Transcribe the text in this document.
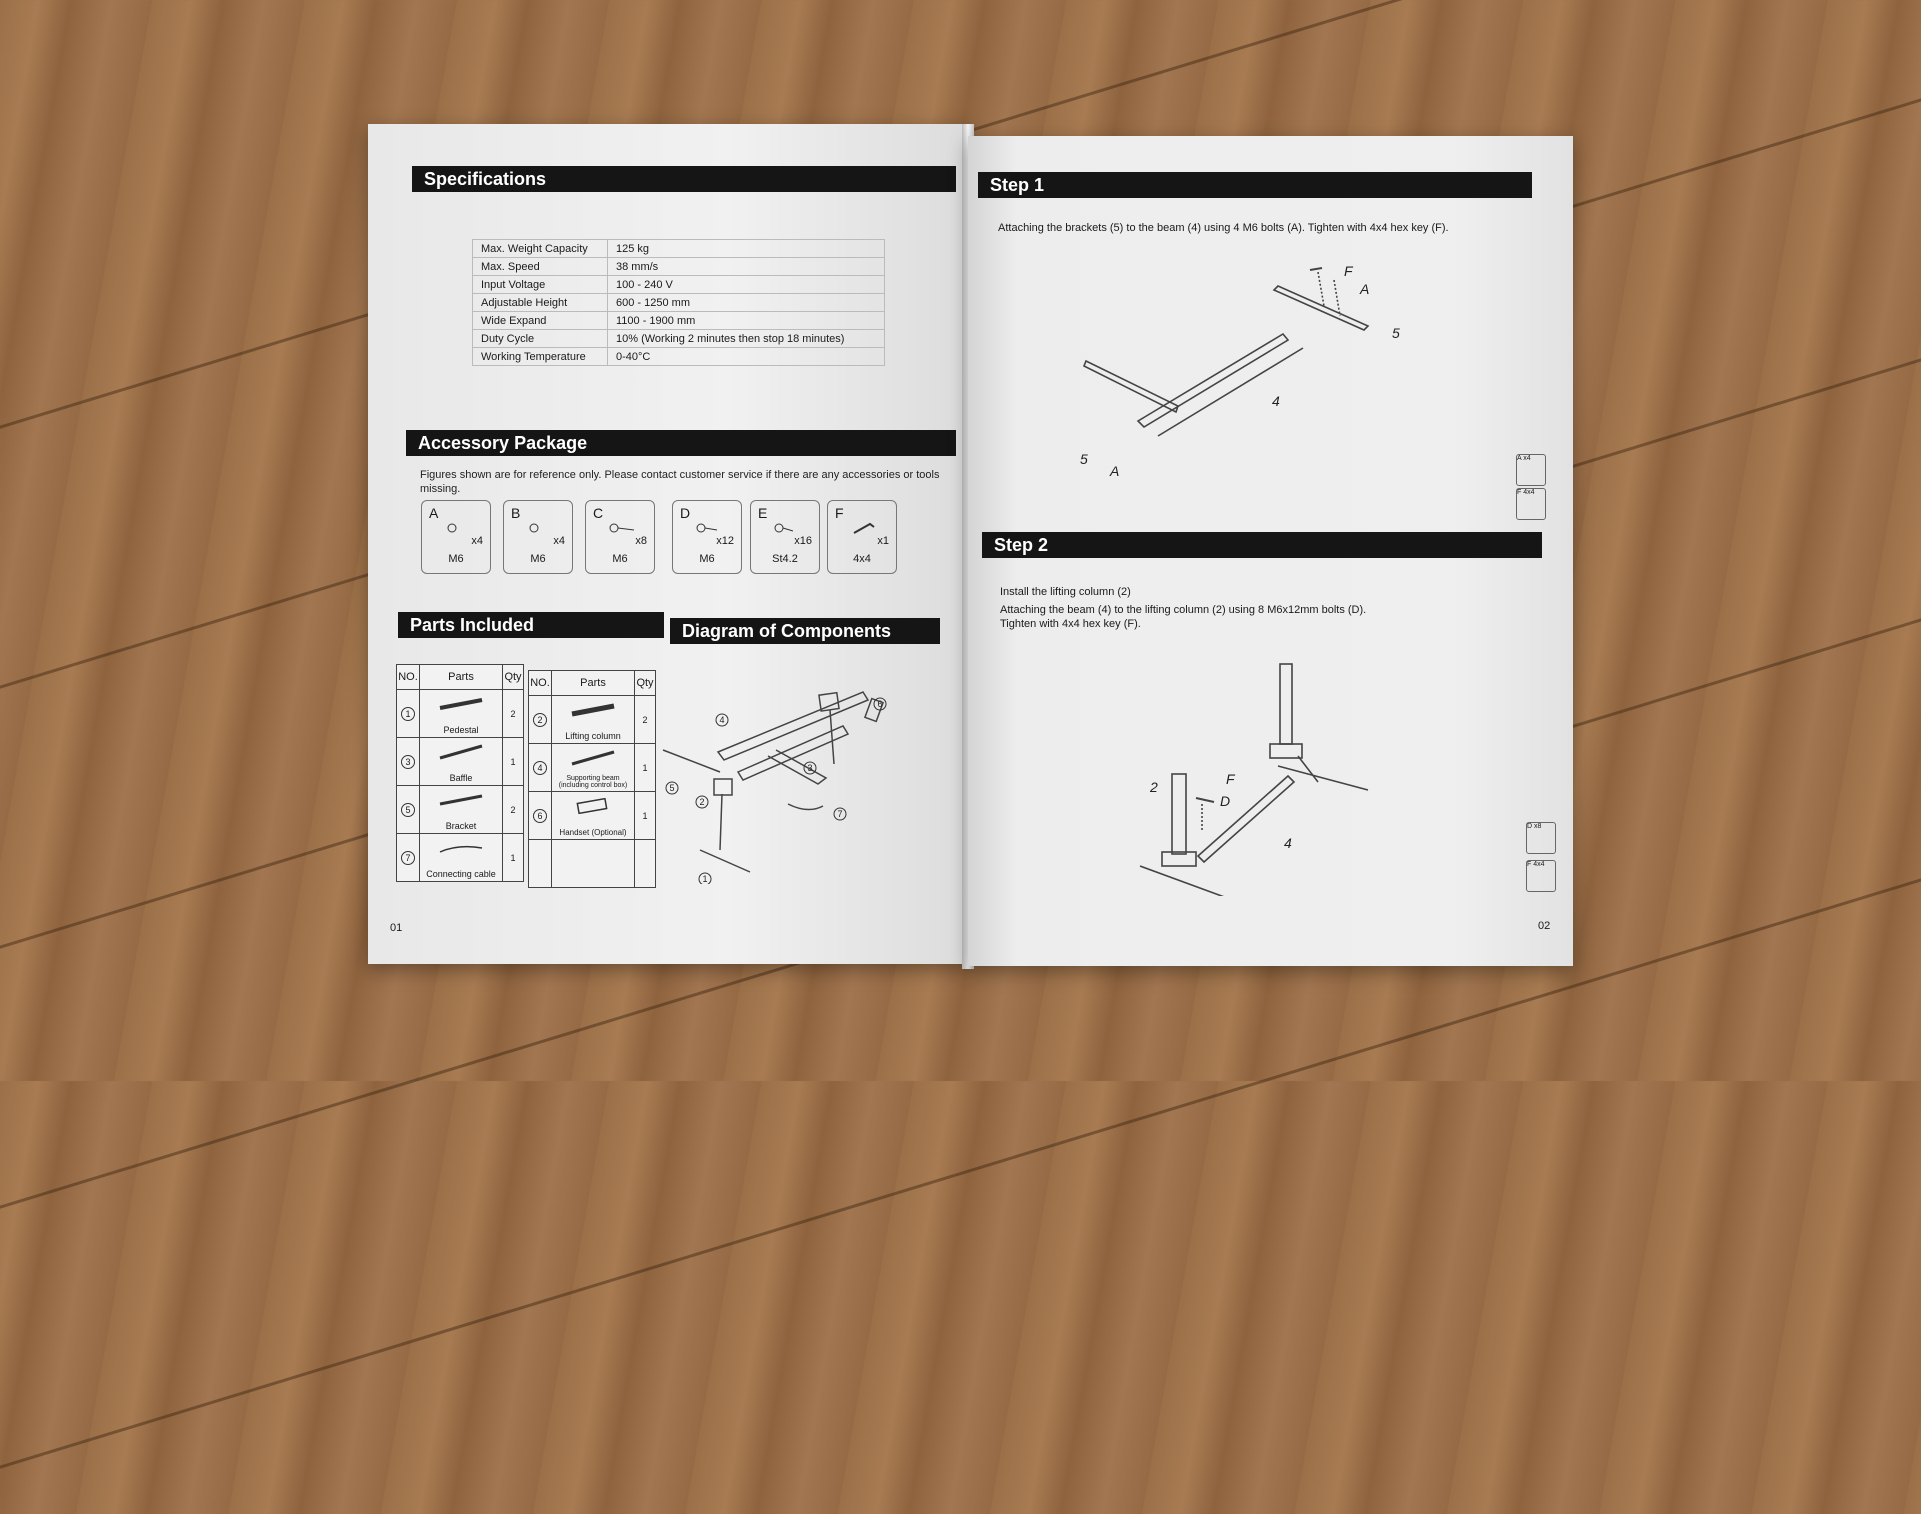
Specifications
Max. Weight Capacity	125 kg
Max. Speed	38 mm/s
Input Voltage	100 - 240 V
Adjustable Height	600 - 1250 mm
Wide Expand	1100 - 1900 mm
Duty Cycle	10% (Working 2 minutes then stop 18 minutes)
Working Temperature	0-40°C
Accessory Package
Figures shown are for reference only. Please contact customer service if there are any accessories or tools missing.
Parts Included	Diagram of Components
NO.	Parts	Qty
1	Pedestal	2
3	Baffle	1
5	Bracket	2
7	Connecting cable	1
NO.	Parts	Qty
2	Lifting column	2
4	Supporting beam (including control box)	1
6	Handset (Optional)	1

1
2
3
4
5
6
7
01
A
x4
M6
B
x4
M6
C
x8
M6
D
x12
M6
E
x16
St4.2
F
x1
4x4
Step 1
Attaching the brackets (5) to the beam (4) using 4 M6 bolts (A). Tighten with 4x4 hex key (F).
F
A
5
4
5
A
A x4
F 4x4
Step 2
Install the lifting column (2)
Attaching the beam (4) to the lifting column (2) using 8 M6x12mm bolts (D).
Tighten with 4x4 hex key (F).
2	F
D
4
D x8
F 4x4
02
